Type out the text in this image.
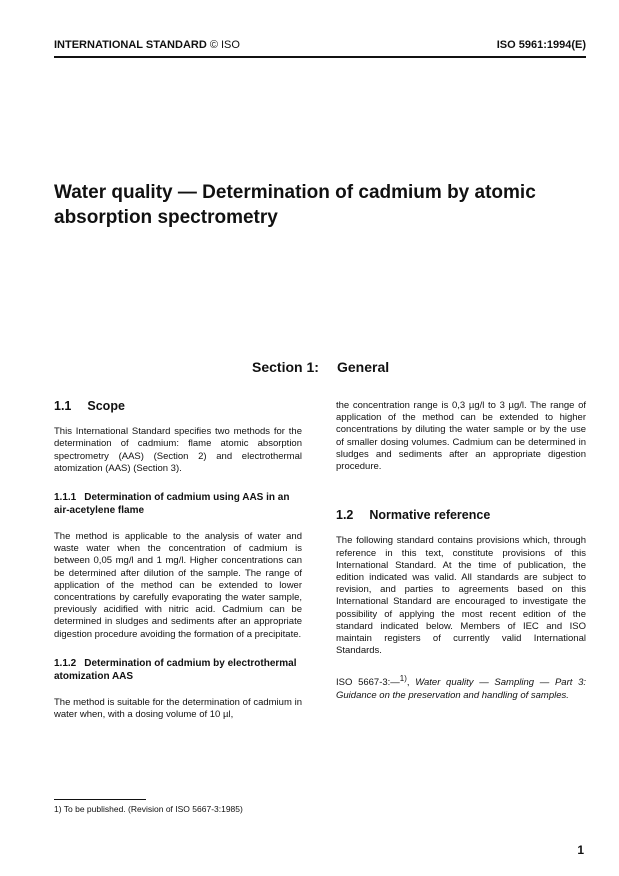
INTERNATIONAL STANDARD © ISO	ISO 5961:1994(E)
Water quality — Determination of cadmium by atomic absorption spectrometry
Section 1: General
1.1 Scope

This International Standard specifies two methods for the determination of cadmium: flame atomic absorption spectrometry (AAS) (Section 2) and electrothermal atomization (AAS) (Section 3).

1.1.1 Determination of cadmium using AAS in an air-acetylene flame

The method is applicable to the analysis of water and waste water when the concentration of cadmium is between 0,05 mg/l and 1 mg/l. Higher concentrations can be determined after dilution of the sample. The range of application of the method can be extended to lower concentrations by carefully evaporating the water sample, previously acidified with nitric acid. Cadmium can be determined in sludges and sediments after an appropriate digestion procedure avoiding the formation of a precipitate.

1.1.2 Determination of cadmium by electrothermal atomization AAS

The method is suitable for the determination of cadmium in water when, with a dosing volume of 10 µl,

the concentration range is 0,3 µg/l to 3 µg/l. The range of application of the method can be extended to higher concentrations by diluting the water sample or by the use of smaller dosing volumes. Cadmium can be determined in sludges and sediments after an appropriate digestion procedure.

1.2 Normative reference

The following standard contains provisions which, through reference in this text, constitute provisions of this International Standard. At the time of publication, the edition indicated was valid. All standards are subject to revision, and parties to agreements based on this International Standard are encouraged to investigate the possibility of applying the most recent edition of the standard indicated below. Members of IEC and ISO maintain registers of currently valid International Standards.

ISO 5667-3:—$^{1)}$, Water quality — Sampling — Part 3: Guidance on the preservation and handling of samples.

1) To be published. (Revision of ISO 5667-3:1985)
1
